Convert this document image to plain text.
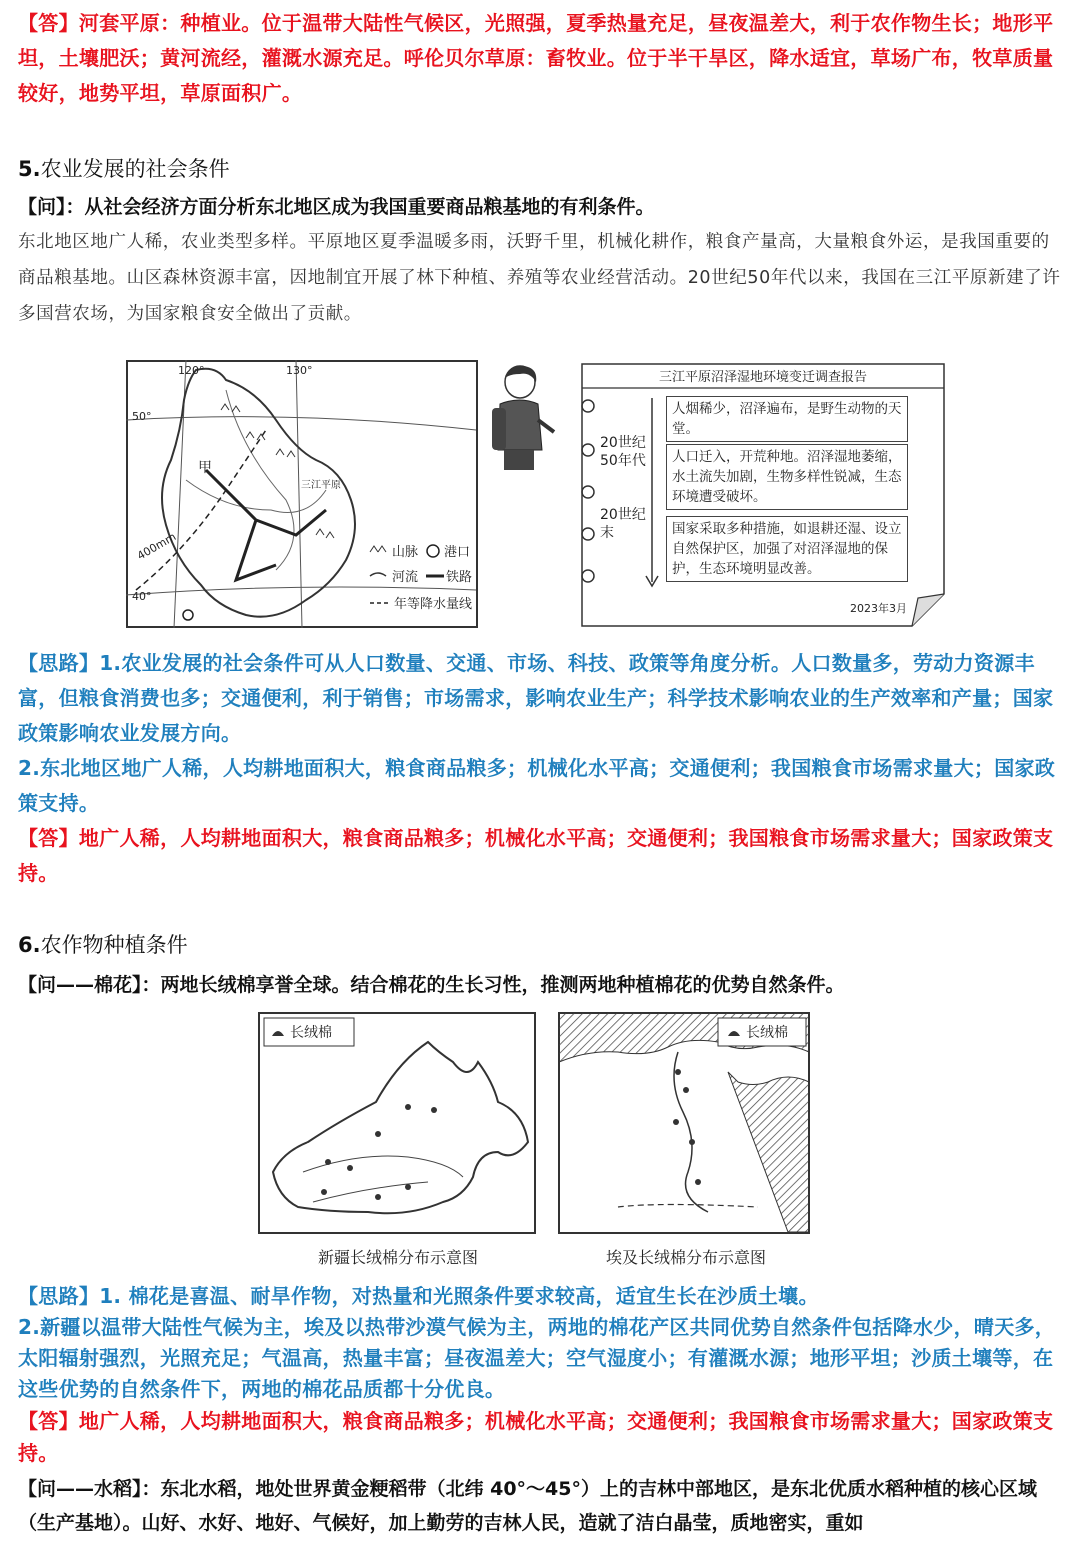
【答】河套平原：种植业。位于温带大陆性气候区，光照强，夏季热量充足，昼夜温差大，利于农作物生长；地形平坦，土壤肥沃；黄河流经，灌溉水源充足。呼伦贝尔草原：畜牧业。位于半干旱区，降水适宜，草场广布，牧草质量较好，地势平坦，草原面积广。

5.农业发展的社会条件

【问】：从社会经济方面分析东北地区成为我国重要商品粮基地的有利条件。

东北地区地广人稀，农业类型多样。平原地区夏季温暖多雨，沃野千里，机械化耕作，粮食产量高，大量粮食外运，是我国重要的商品粮基地。山区森林资源丰富，因地制宜开展了林下种植、养殖等农业经营活动。20世纪50年代以来，我国在三江平原新建了许多国营农场，为国家粮食安全做出了贡献。

120°	130°
50°
40°
甲
三江平原
400mm	山脉 港口
河流 铁路
年等降水量线
三江平原沼泽湿地环境变迁调查报告
20世纪50年代
20世纪末
人烟稀少，沼泽遍布，是野生动物的天堂。
人口迁入，开荒种地。沼泽湿地萎缩，水土流失加剧，生物多样性锐减，生态环境遭受破坏。
国家采取多种措施，如退耕还湿、设立自然保护区，加强了对沼泽湿地的保护，生态环境明显改善。
2023年3月

【思路】1.农业发展的社会条件可从人口数量、交通、市场、科技、政策等角度分析。人口数量多，劳动力资源丰富，但粮食消费也多；交通便利，利于销售；市场需求，影响农业生产；科学技术影响农业的生产效率和产量；国家政策影响农业发展方向。

2.东北地区地广人稀，人均耕地面积大，粮食商品粮多；机械化水平高；交通便利；我国粮食市场需求量大；国家政策支持。

【答】地广人稀，人均耕地面积大，粮食商品粮多；机械化水平高；交通便利；我国粮食市场需求量大；国家政策支持。

6.农作物种植条件

【问——棉花】：两地长绒棉享誉全球。结合棉花的生长习性，推测两地种植棉花的优势自然条件。

长绒棉
新疆长绒棉分布示意图
长绒棉
埃及长绒棉分布示意图

【思路】1. 棉花是喜温、耐旱作物，对热量和光照条件要求较高，适宜生长在沙质土壤。

2.新疆以温带大陆性气候为主，埃及以热带沙漠气候为主，两地的棉花产区共同优势自然条件包括降水少，晴天多，太阳辐射强烈，光照充足；气温高，热量丰富；昼夜温差大；空气湿度小；有灌溉水源；地形平坦；沙质土壤等，在这些优势的自然条件下，两地的棉花品质都十分优良。

【答】地广人稀，人均耕地面积大，粮食商品粮多；机械化水平高；交通便利；我国粮食市场需求量大；国家政策支持。

【问——水稻】：东北水稻，地处世界黄金粳稻带（北纬 40°～45°）上的吉林中部地区，是东北优质水稻种植的核心区域（生产基地）。山好、水好、地好、气候好，加上勤劳的吉林人民，造就了洁白晶莹，质地密实，重如
